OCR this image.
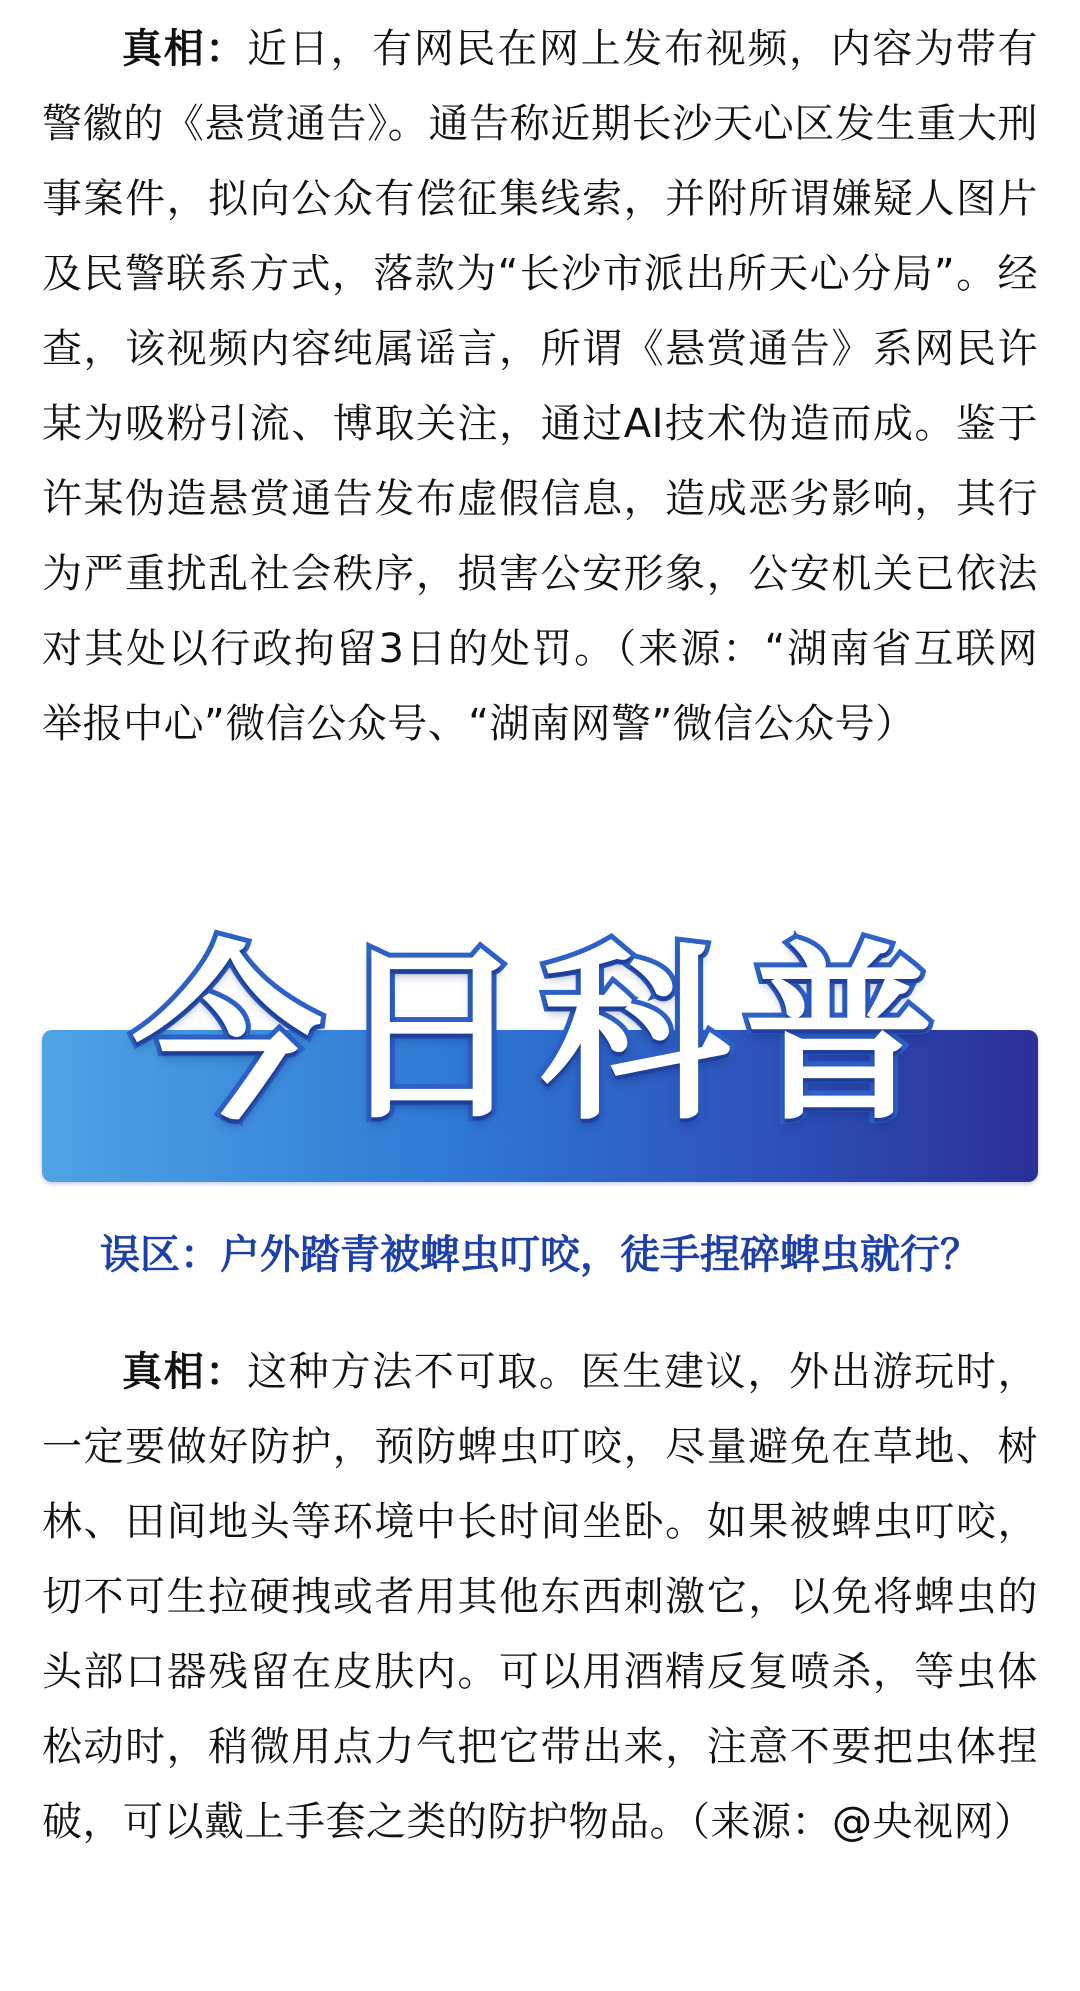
真相：近日，有网民在网上发布视频，内容为带有警徽的《悬赏通告》。通告称近期长沙天心区发生重大刑事案件，拟向公众有偿征集线索，并附所谓嫌疑人图片及民警联系方式，落款为“长沙市派出所天心分局”。经查，该视频内容纯属谣言，所谓《悬赏通告》系网民许某为吸粉引流、博取关注，通过AI技术伪造而成。鉴于许某伪造悬赏通告发布虚假信息，造成恶劣影响，其行为严重扰乱社会秩序，损害公安形象，公安机关已依法对其处以行政拘留3日的处罚。（来源：“湖南省互联网举报中心”微信公众号、“湖南网警”微信公众号）

今日科普

误区：户外踏青被蜱虫叮咬，徒手捏碎蜱虫就行？

真相：这种方法不可取。医生建议，外出游玩时，一定要做好防护，预防蜱虫叮咬，尽量避免在草地、树林、田间地头等环境中长时间坐卧。如果被蜱虫叮咬，切不可生拉硬拽或者用其他东西刺激它，以免将蜱虫的头部口器残留在皮肤内。可以用酒精反复喷杀，等虫体松动时，稍微用点力气把它带出来，注意不要把虫体捏破，可以戴上手套之类的防护物品。（来源：@央视网）
